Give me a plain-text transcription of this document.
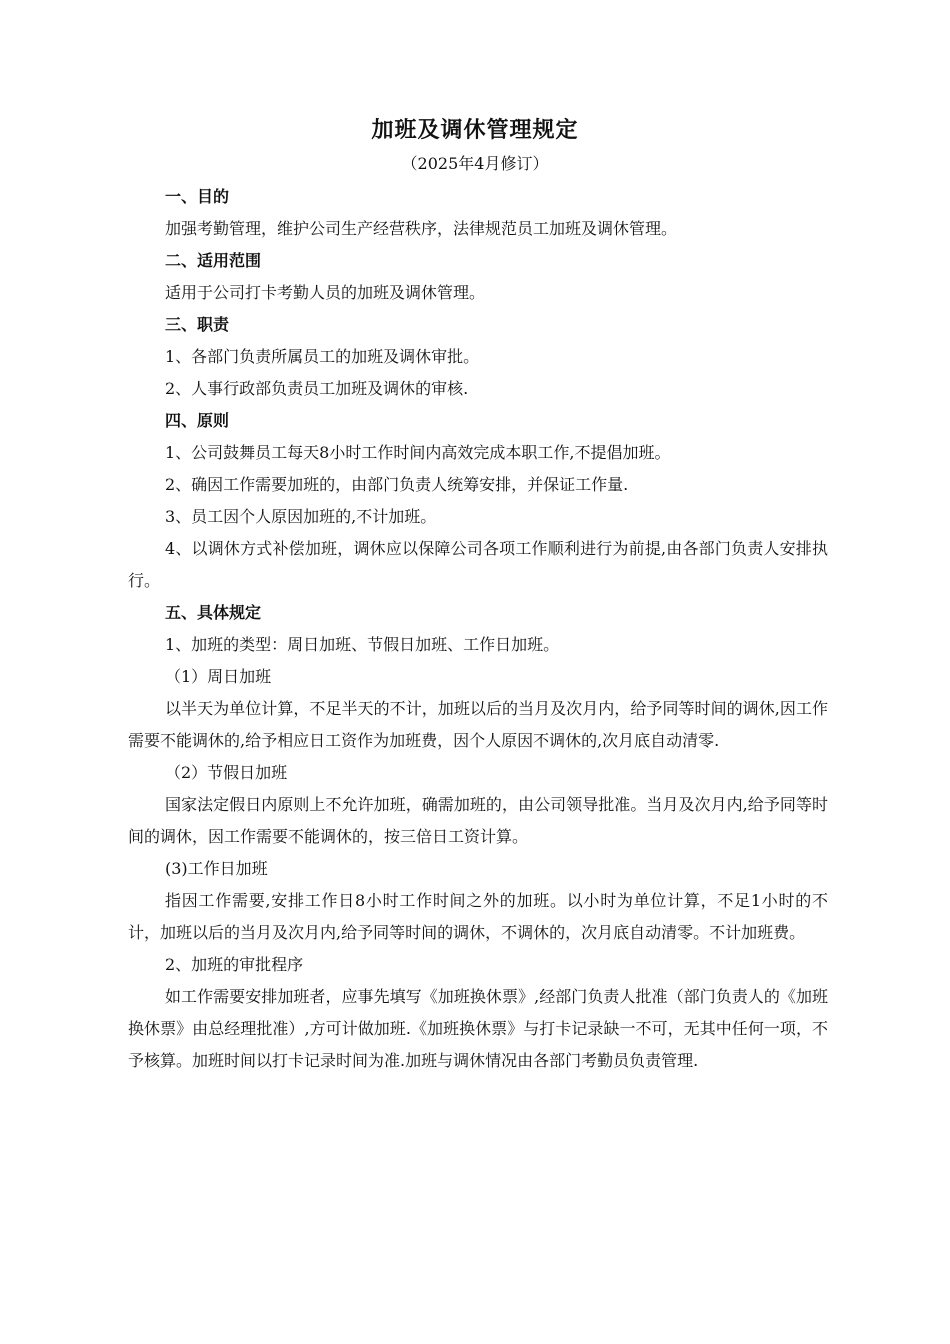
加班及调休管理规定
（2025年4月修订）

一、目的

加强考勤管理，维护公司生产经营秩序，法律规范员工加班及调休管理。

二、适用范围

适用于公司打卡考勤人员的加班及调休管理。

三、职责

1、各部门负责所属员工的加班及调休审批。

2、人事行政部负责员工加班及调休的审核.

四、原则

1、公司鼓舞员工每天8小时工作时间内高效完成本职工作,不提倡加班。

2、确因工作需要加班的，由部门负责人统筹安排，并保证工作量.

3、员工因个人原因加班的,不计加班。

4、以调休方式补偿加班，调休应以保障公司各项工作顺利进行为前提,由各部门负责人安排执行。

五、具体规定

1、加班的类型：周日加班、节假日加班、工作日加班。

（1）周日加班

以半天为单位计算，不足半天的不计，加班以后的当月及次月内，给予同等时间的调休,因工作需要不能调休的,给予相应日工资作为加班费，因个人原因不调休的,次月底自动清零.

（2）节假日加班

国家法定假日内原则上不允许加班，确需加班的，由公司领导批准。当月及次月内,给予同等时间的调休，因工作需要不能调休的，按三倍日工资计算。

(3)工作日加班

指因工作需要,安排工作日8小时工作时间之外的加班。以小时为单位计算，不足1小时的不计，加班以后的当月及次月内,给予同等时间的调休，不调休的，次月底自动清零。不计加班费。

2、加班的审批程序

如工作需要安排加班者，应事先填写《加班换休票》,经部门负责人批准（部门负责人的《加班换休票》由总经理批准）,方可计做加班.《加班换休票》与打卡记录缺一不可，无其中任何一项，不予核算。加班时间以打卡记录时间为准.加班与调休情况由各部门考勤员负责管理.
